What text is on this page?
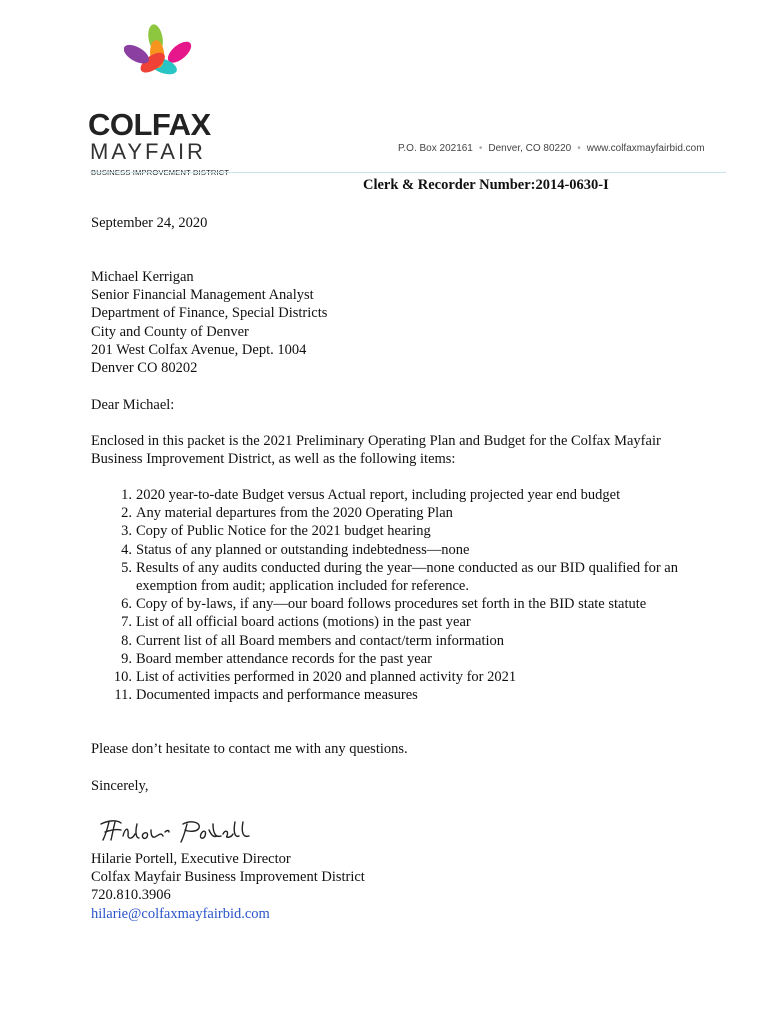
COLFAX
MAYFAIR	P.O. Box 202161 • Denver, CO 80220 • www.colfaxmayfairbid.com
Clerk & Recorder Number:2014-0630-I
September 24, 2020
Michael Kerrigan
Senior Financial Management Analyst
Department of Finance, Special Districts
City and County of Denver
201 West Colfax Avenue, Dept. 1004
Denver CO 80202
Dear Michael:
Enclosed in this packet is the 2021 Preliminary Operating Plan and Budget for the Colfax Mayfair Business Improvement District, as well as the following items:
1. 2020 year-to-date Budget versus Actual report, including projected year end budget
2. Any material departures from the 2020 Operating Plan
3. Copy of Public Notice for the 2021 budget hearing
4. Status of any planned or outstanding indebtedness—none
5. Results of any audits conducted during the year—none conducted as our BID qualified for an exemption from audit; application included for reference.
6. Copy of by-laws, if any—our board follows procedures set forth in the BID state statute
7. List of all official board actions (motions) in the past year
8. Current list of all Board members and contact/term information
9. Board member attendance records for the past year
10. List of activities performed in 2020 and planned activity for 2021
11. Documented impacts and performance measures
Please don’t hesitate to contact me with any questions.
Sincerely,
Hilarie Portell, Executive Director
Colfax Mayfair Business Improvement District
720.810.3906
hilarie@colfaxmayfairbid.com
